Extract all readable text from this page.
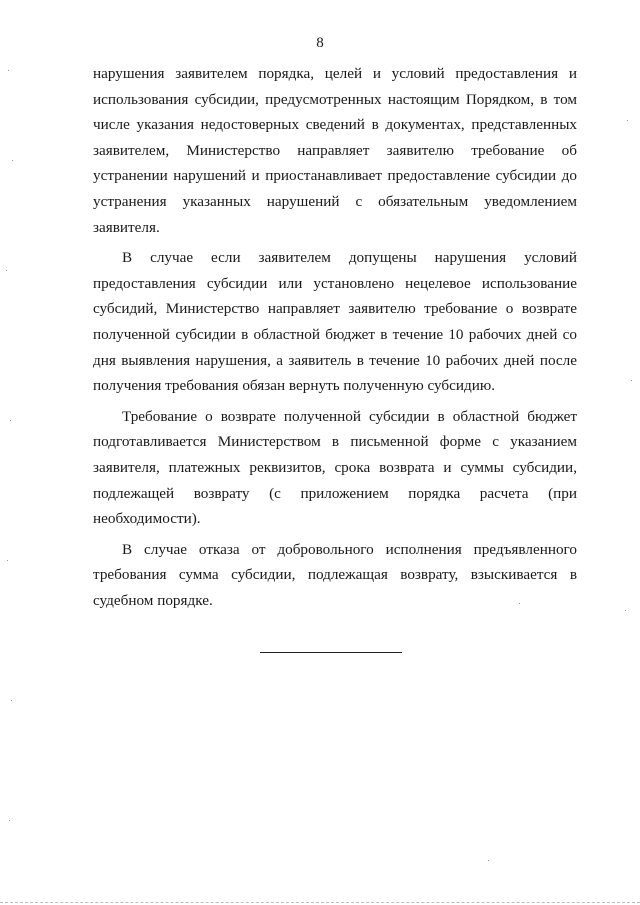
8

нарушения заявителем порядка, целей и условий предоставления и использования субсидии, предусмотренных настоящим Порядком, в том числе указания недостоверных сведений в документах, представленных заявителем, Министерство направляет заявителю требование об устранении нарушений и приостанавливает предоставление субсидии до устранения указанных нарушений с обязательным уведомлением заявителя.

В случае если заявителем допущены нарушения условий предоставления субсидии или установлено нецелевое использование субсидий, Министерство направляет заявителю требование о возврате полученной субсидии в областной бюджет в течение 10 рабочих дней со дня выявления нарушения, а заявитель в течение 10 рабочих дней после получения требования обязан вернуть полученную субсидию.

Требование о возврате полученной субсидии в областной бюджет подготавливается Министерством в письменной форме с указанием заявителя, платежных реквизитов, срока возврата и суммы субсидии, подлежащей возврату (с приложением порядка расчета (при необходимости).

В случае отказа от добровольного исполнения предъявленного требования сумма субсидии, подлежащая возврату, взыскивается в судебном порядке.
